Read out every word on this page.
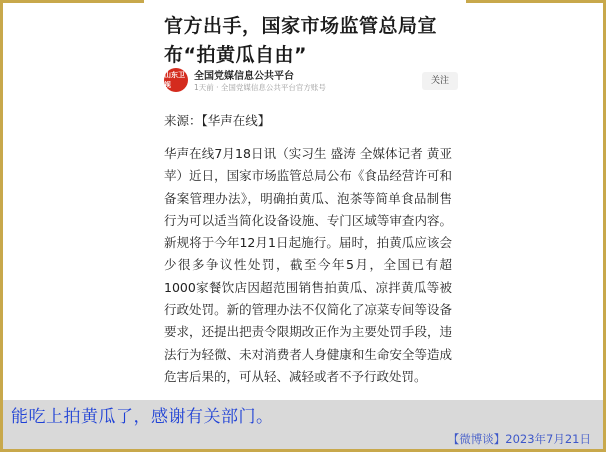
官方出手，国家市场监管总局宣布“拍黄瓜自由”
山东卫视
全国党媒信息公共平台
1天前 · 全国党媒信息公共平台官方账号
关注
来源：【华声在线】
华声在线7月18日讯（实习生 盛涛 全媒体记者 黄亚苹）近日，国家市场监管总局公布《食品经营许可和备案管理办法》，明确拍黄瓜、泡茶等简单食品制售行为可以适当简化设备设施、专门区域等审查内容。新规将于今年12月1日起施行。届时，拍黄瓜应该会少很多争议性处罚，截至今年5月，全国已有超1000家餐饮店因超范围销售拍黄瓜、凉拌黄瓜等被行政处罚。新的管理办法不仅简化了凉菜专间等设备要求，还提出把责令限期改正作为主要处罚手段，违法行为轻微、未对消费者人身健康和生命安全等造成危害后果的，可从轻、减轻或者不予行政处罚。
能吃上拍黄瓜了，感谢有关部门。
【微博谈】2023年7月21日
